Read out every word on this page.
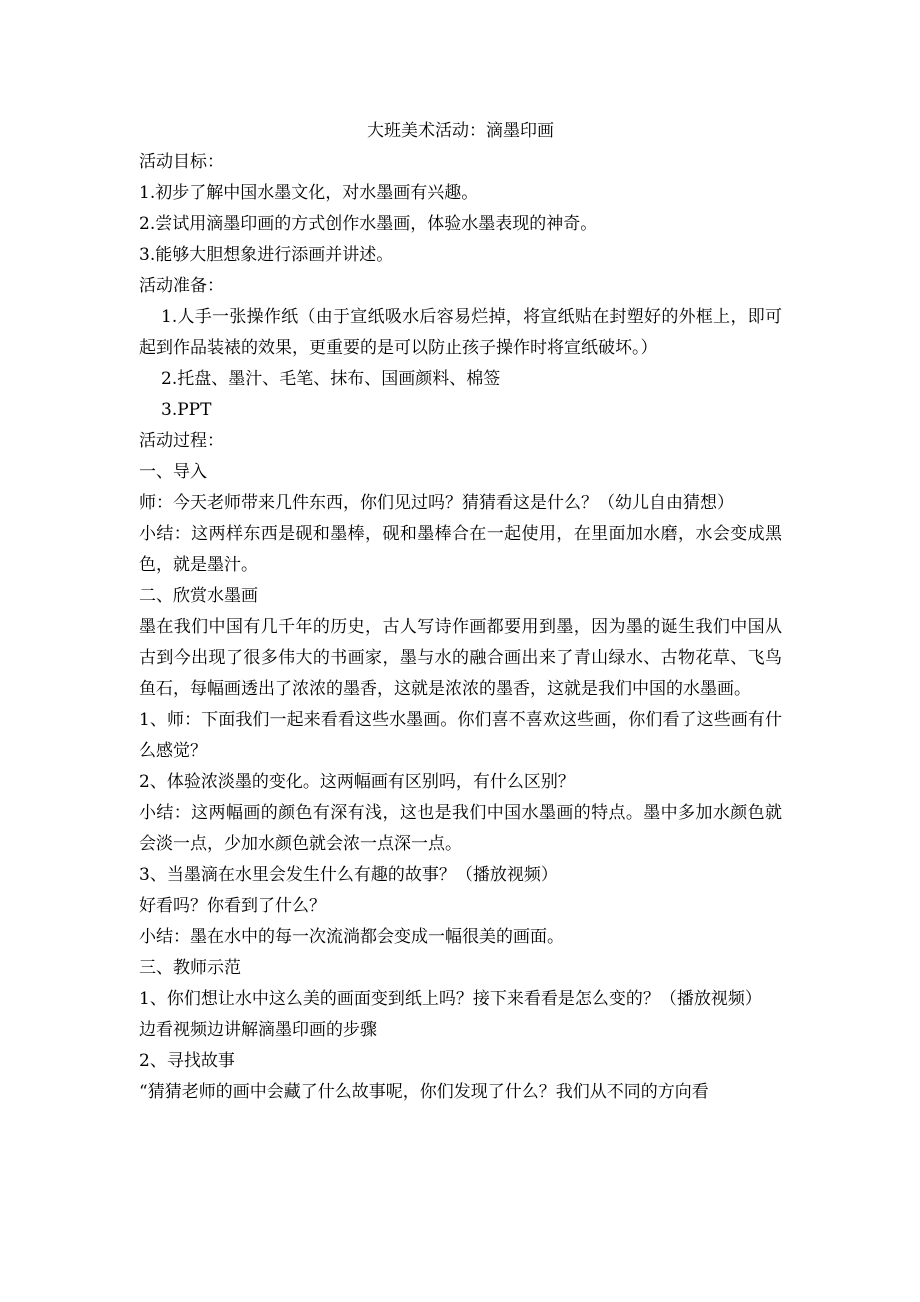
大班美术活动：滴墨印画

活动目标：

1.初步了解中国水墨文化，对水墨画有兴趣。

2.尝试用滴墨印画的方式创作水墨画，体验水墨表现的神奇。

3.能够大胆想象进行添画并讲述。

活动准备：

1.人手一张操作纸（由于宣纸吸水后容易烂掉，将宣纸贴在封塑好的外框上，即可起到作品装裱的效果，更重要的是可以防止孩子操作时将宣纸破坏。）

2.托盘、墨汁、毛笔、抹布、国画颜料、棉签

3.PPT

活动过程：

一、导入

师：今天老师带来几件东西，你们见过吗？猜猜看这是什么？（幼儿自由猜想）

小结：这两样东西是砚和墨棒，砚和墨棒合在一起使用，在里面加水磨，水会变成黑色，就是墨汁。

二、欣赏水墨画

墨在我们中国有几千年的历史，古人写诗作画都要用到墨，因为墨的诞生我们中国从古到今出现了很多伟大的书画家，墨与水的融合画出来了青山绿水、古物花草、飞鸟鱼石，每幅画透出了浓浓的墨香，这就是浓浓的墨香，这就是我们中国的水墨画。

1、师：下面我们一起来看看这些水墨画。你们喜不喜欢这些画，你们看了这些画有什么感觉？

2、体验浓淡墨的变化。这两幅画有区别吗，有什么区别？

小结：这两幅画的颜色有深有浅，这也是我们中国水墨画的特点。墨中多加水颜色就会淡一点，少加水颜色就会浓一点深一点。

3、当墨滴在水里会发生什么有趣的故事？（播放视频）

好看吗？你看到了什么？

小结：墨在水中的每一次流淌都会变成一幅很美的画面。

三、教师示范

1、你们想让水中这么美的画面变到纸上吗？接下来看看是怎么变的？（播放视频）

边看视频边讲解滴墨印画的步骤

2、寻找故事

“猜猜老师的画中会藏了什么故事呢，你们发现了什么？我们从不同的方向看
